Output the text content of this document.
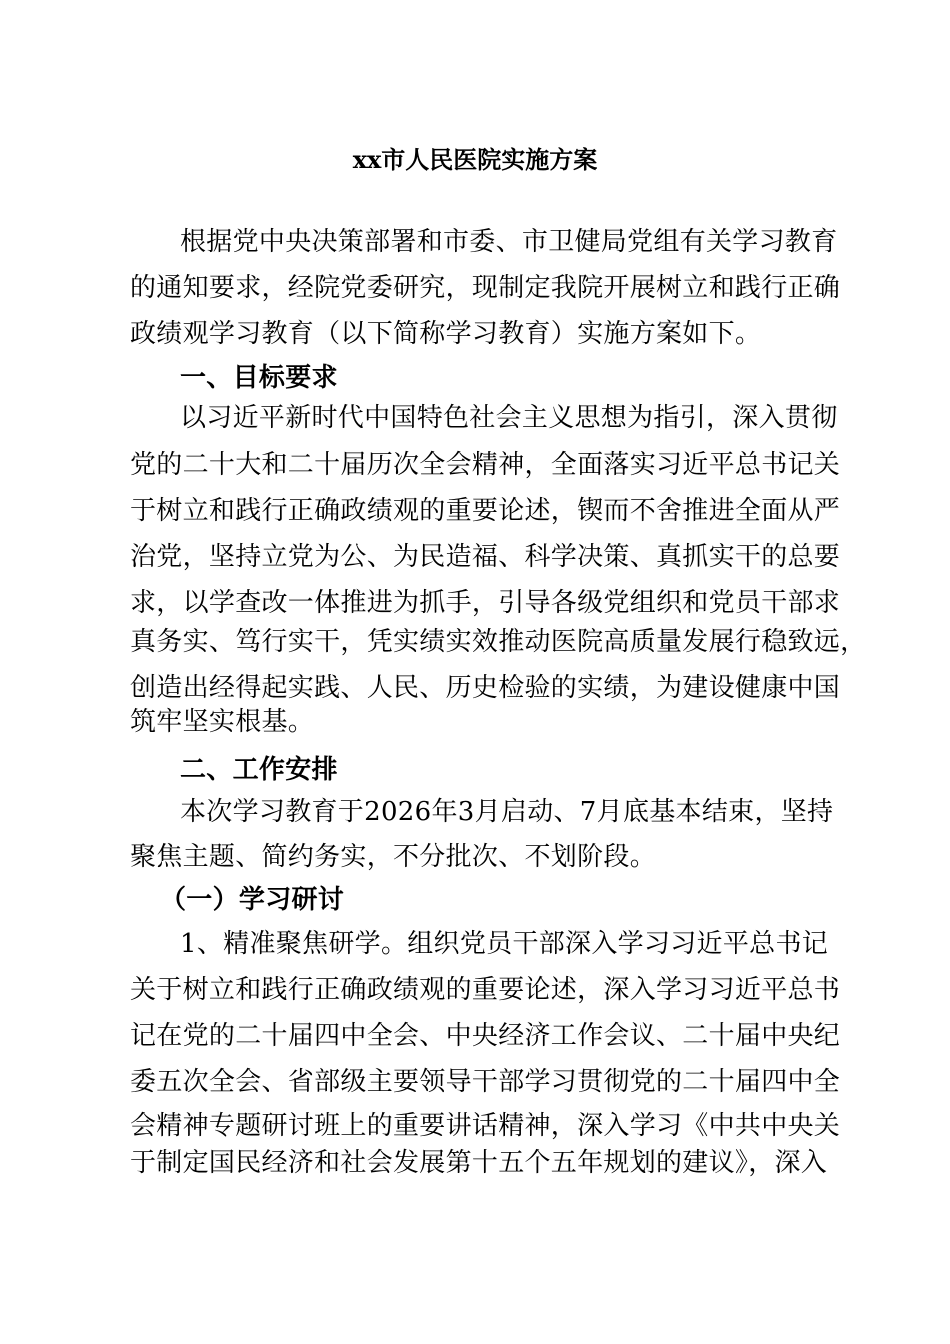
xx市人民医院实施方案
根据党中央决策部署和市委、市卫健局党组有关学习教育
的通知要求，经院党委研究，现制定我院开展树立和践行正确
政绩观学习教育（以下简称学习教育）实施方案如下。
一、目标要求
以习近平新时代中国特色社会主义思想为指引，深入贯彻
党的二十大和二十届历次全会精神，全面落实习近平总书记关
于树立和践行正确政绩观的重要论述，锲而不舍推进全面从严
治党，坚持立党为公、为民造福、科学决策、真抓实干的总要
求，以学查改一体推进为抓手，引导各级党组织和党员干部求
真务实、笃行实干，凭实绩实效推动医院高质量发展行稳致远，
创造出经得起实践、人民、历史检验的实绩，为建设健康中国
筑牢坚实根基。
二、工作安排
本次学习教育于2026年3月启动、7月底基本结束，坚持
聚焦主题、简约务实，不分批次、不划阶段。
（一）学习研讨
1、精准聚焦研学。组织党员干部深入学习习近平总书记
关于树立和践行正确政绩观的重要论述，深入学习习近平总书
记在党的二十届四中全会、中央经济工作会议、二十届中央纪
委五次全会、省部级主要领导干部学习贯彻党的二十届四中全
会精神专题研讨班上的重要讲话精神，深入学习《中共中央关
于制定国民经济和社会发展第十五个五年规划的建议》，深入
